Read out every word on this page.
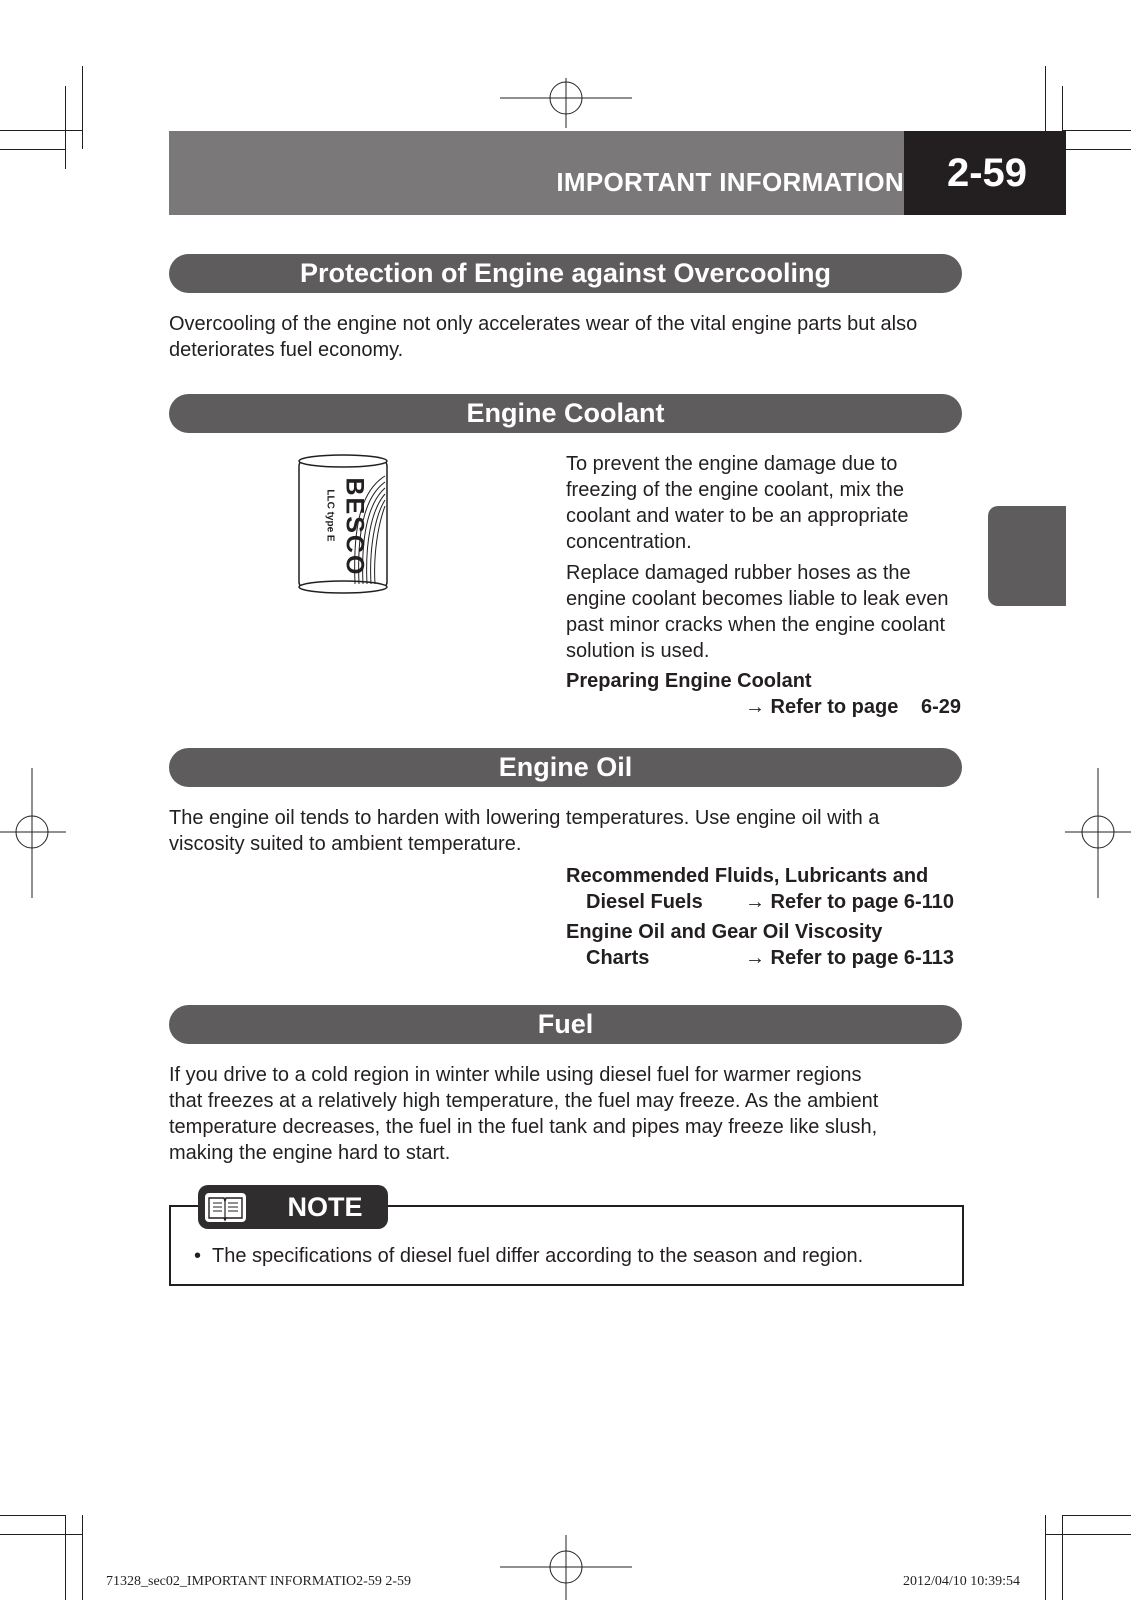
IMPORTANT INFORMATION	2-59
Protection of Engine against Overcooling
Overcooling of the engine not only accelerates wear of the vital engine parts but also
deteriorates fuel economy.
Engine Coolant
BESCO
LLC type E
To prevent the engine damage due to
freezing of the engine coolant, mix the
coolant and water to be an appropriate
concentration.
Replace damaged rubber hoses as the
engine coolant becomes liable to leak even
past minor cracks when the engine coolant
solution is used.
Preparing Engine Coolant
→ Refer to page 6-29
Engine Oil
The engine oil tends to harden with lowering temperatures. Use engine oil with a
viscosity suited to ambient temperature.
Recommended Fluids, Lubricants and
Diesel Fuels → Refer to page 6-110
Engine Oil and Gear Oil Viscosity
Charts	→ Refer to page 6-113
Fuel
If you drive to a cold region in winter while using diesel fuel for warmer regions
that freezes at a relatively high temperature, the fuel may freeze. As the ambient
temperature decreases, the fuel in the fuel tank and pipes may freeze like slush,
making the engine hard to start.
NOTE
• The specifications of diesel fuel differ according to the season and region.
71328_sec02_IMPORTANT INFORMATIO2-59 2-59	2012/04/10 10:39:54
